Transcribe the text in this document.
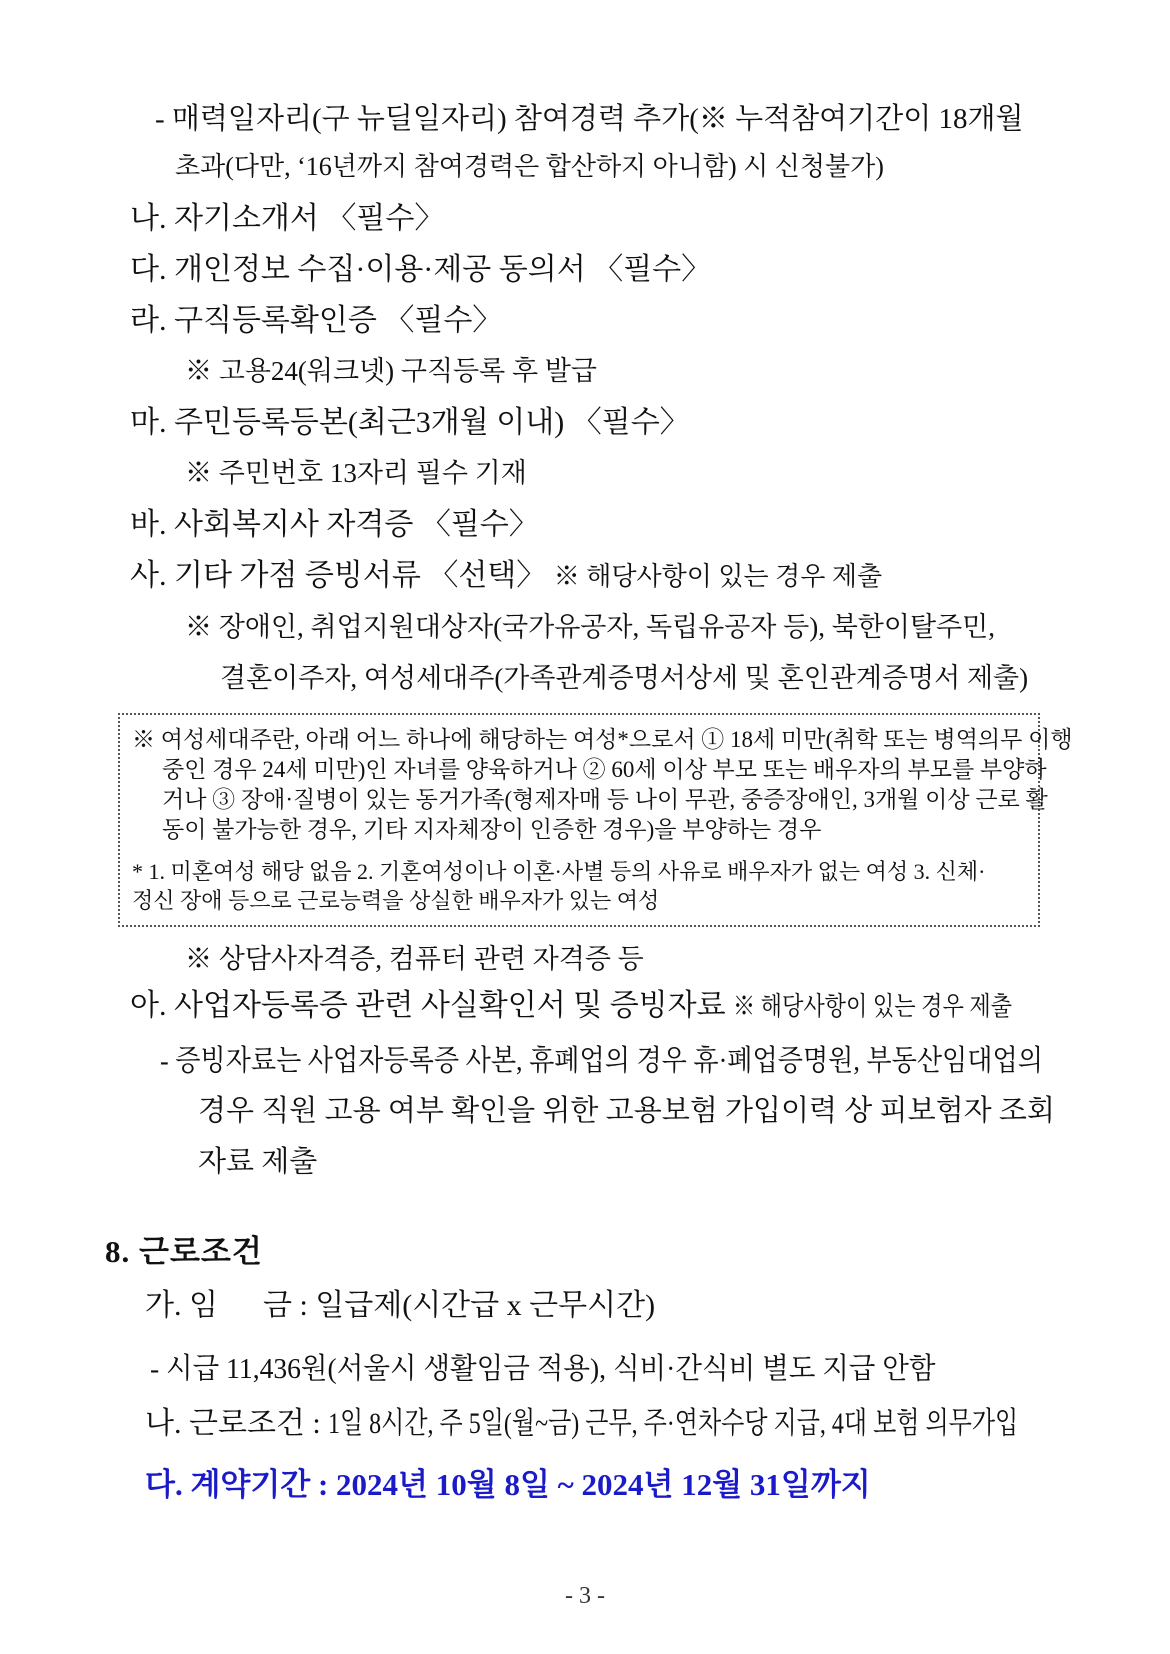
- 매력일자리(구 뉴딜일자리) 참여경력 추가(※ 누적참여기간이 18개월
초과(다만, ‘16년까지 참여경력은 합산하지 아니함) 시 신청불가)
나. 자기소개서 〈필수〉
다. 개인정보 수집·이용·제공 동의서 〈필수〉
라. 구직등록확인증 〈필수〉
※ 고용24(워크넷) 구직등록 후 발급
마. 주민등록등본(최근3개월 이내) 〈필수〉
※ 주민번호 13자리 필수 기재
바. 사회복지사 자격증 〈필수〉
사. 기타 가점 증빙서류 〈선택〉 ※ 해당사항이 있는 경우 제출
※ 장애인, 취업지원대상자(국가유공자, 독립유공자 등), 북한이탈주민,
결혼이주자, 여성세대주(가족관계증명서상세 및 혼인관계증명서 제출)
※ 여성세대주란, 아래 어느 하나에 해당하는 여성*으로서 ① 18세 미만(취학 또는 병역의무 이행
중인 경우 24세 미만)인 자녀를 양육하거나 ② 60세 이상 부모 또는 배우자의 부모를 부양하
거나 ③ 장애·질병이 있는 동거가족(형제자매 등 나이 무관, 중증장애인, 3개월 이상 근로 활
동이 불가능한 경우, 기타 지자체장이 인증한 경우)을 부양하는 경우
* 1. 미혼여성 해당 없음 2. 기혼여성이나 이혼·사별 등의 사유로 배우자가 없는 여성 3. 신체·
정신 장애 등으로 근로능력을 상실한 배우자가 있는 여성
※ 상담사자격증, 컴퓨터 관련 자격증 등
아. 사업자등록증 관련 사실확인서 및 증빙자료 ※ 해당사항이 있는 경우 제출
- 증빙자료는 사업자등록증 사본, 휴폐업의 경우 휴·폐업증명원, 부동산임대업의
경우 직원 고용 여부 확인을 위한 고용보험 가입이력 상 피보험자 조회
자료 제출
8. 근로조건
가. 임      금 : 일급제(시간급 x 근무시간)
- 시급 11,436원(서울시 생활임금 적용), 식비·간식비 별도 지급 안함
나. 근로조건 : 1일 8시간, 주 5일(월~금) 근무, 주·연차수당 지급, 4대 보험 의무가입
다. 계약기간 : 2024년 10월 8일 ~ 2024년 12월 31일까지
- 3 -
